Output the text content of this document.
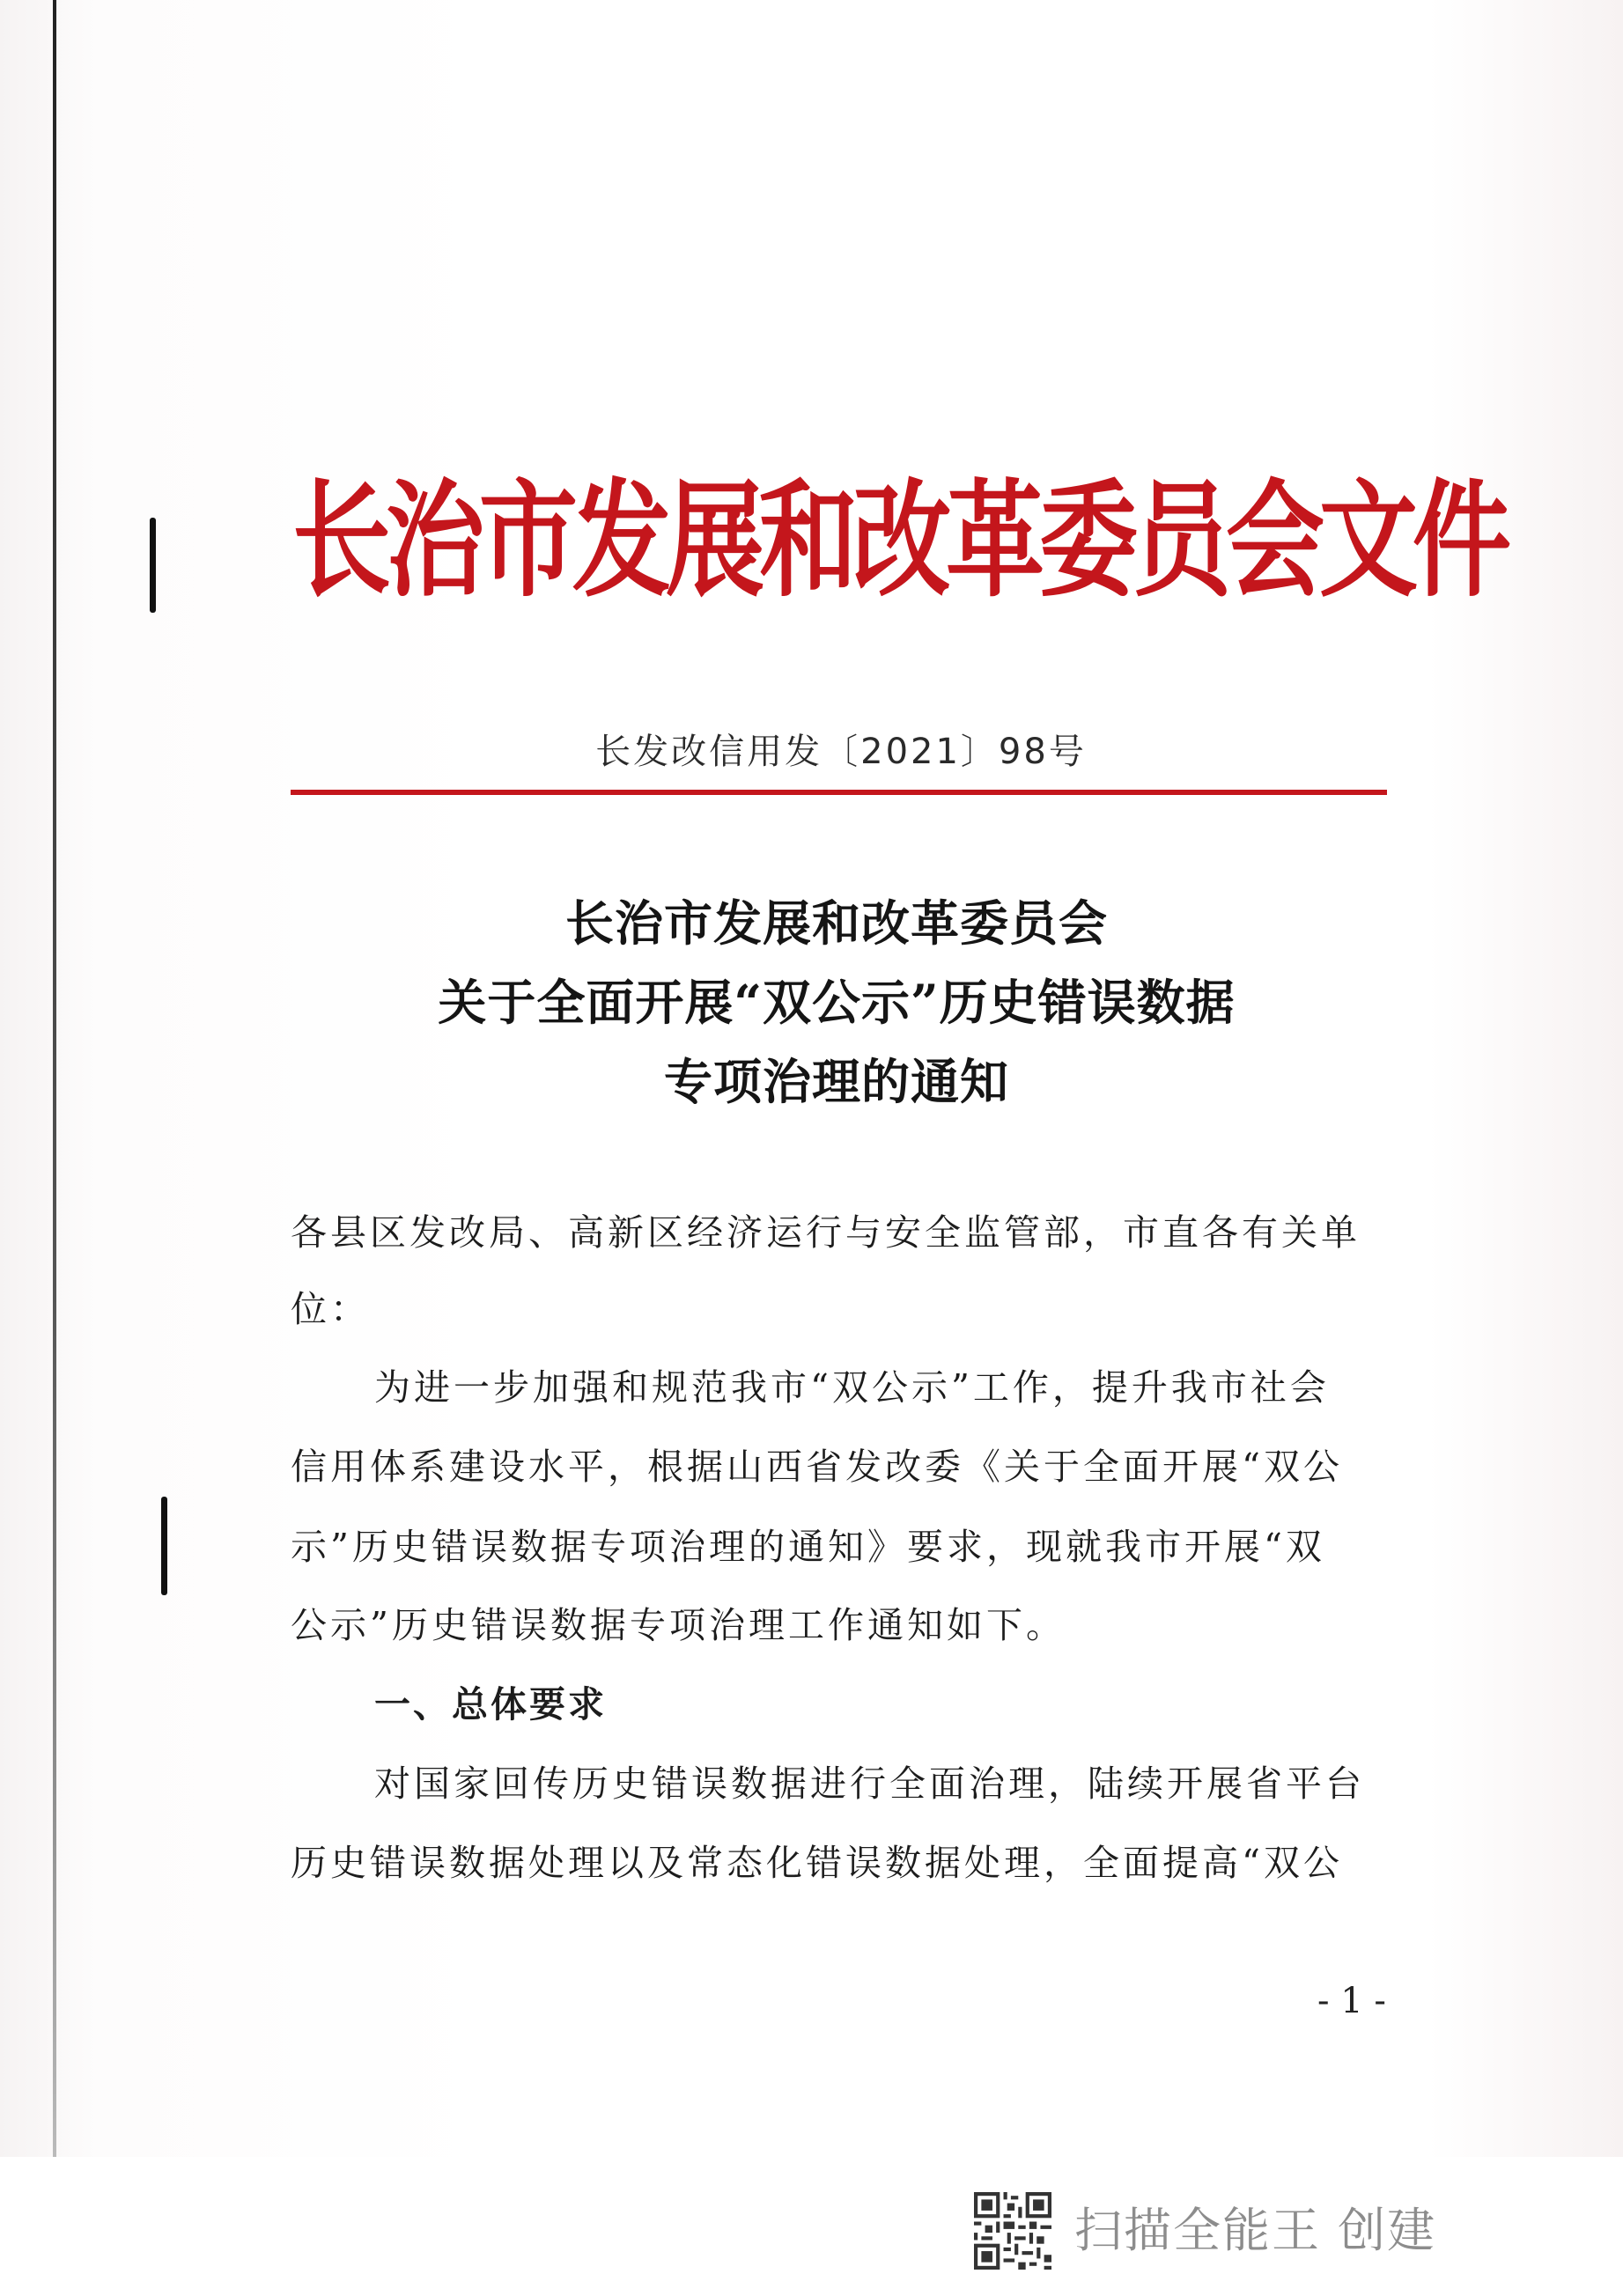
长治市发展和改革委员会文件
长发改信用发〔2021〕98号
长治市发展和改革委员会
关于全面开展“双公示”历史错误数据
专项治理的通知
各县区发改局、高新区经济运行与安全监管部，市直各有关单
位：
为进一步加强和规范我市“双公示”工作，提升我市社会
信用体系建设水平，根据山西省发改委《关于全面开展“双公
示”历史错误数据专项治理的通知》要求，现就我市开展“双
公示”历史错误数据专项治理工作通知如下。
一、总体要求
对国家回传历史错误数据进行全面治理，陆续开展省平台
历史错误数据处理以及常态化错误数据处理，全面提高“双公
- 1 -
扫描全能王 创建
